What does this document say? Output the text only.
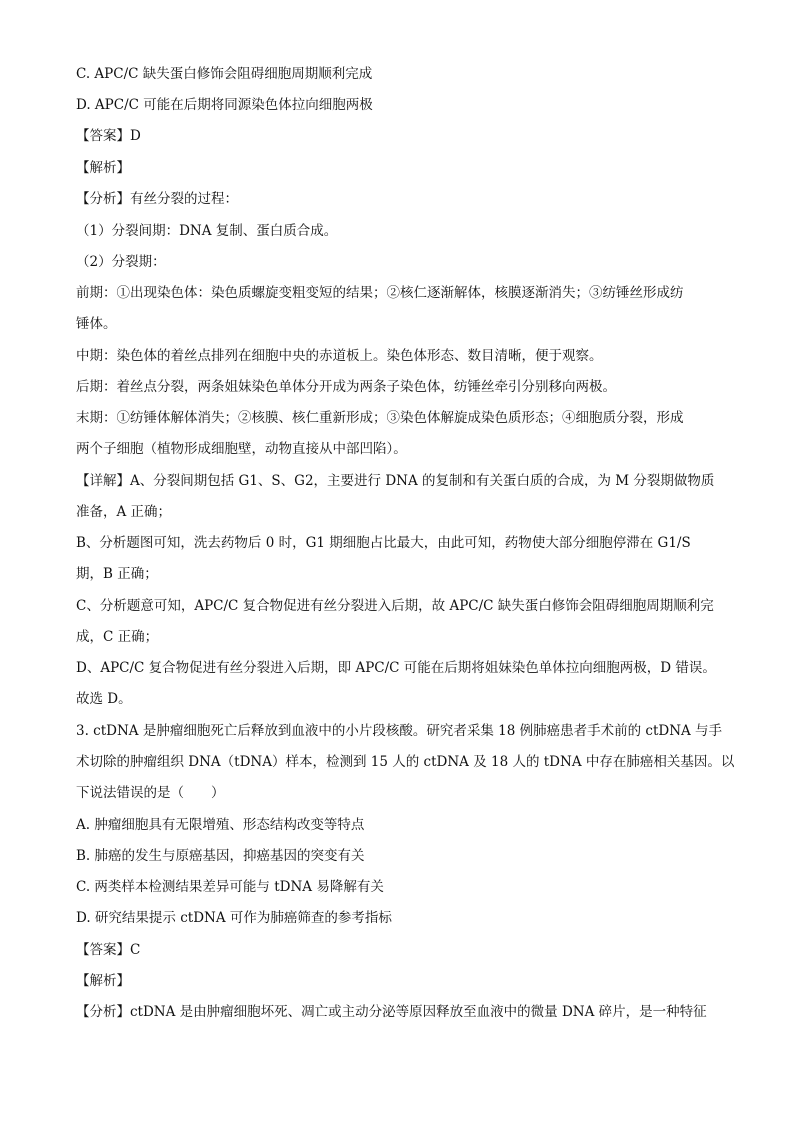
C. APC/C 缺失蛋白修饰会阻碍细胞周期顺利完成
D. APC/C 可能在后期将同源染色体拉向细胞两极
【答案】D
【解析】
【分析】有丝分裂的过程：
（1）分裂间期：DNA 复制、蛋白质合成。
（2）分裂期：
前期：①出现染色体：染色质螺旋变粗变短的结果；②核仁逐渐解体，核膜逐渐消失；③纺锤丝形成纺
锤体。
中期：染色体的着丝点排列在细胞中央的赤道板上。染色体形态、数目清晰，便于观察。
后期：着丝点分裂，两条姐妹染色单体分开成为两条子染色体，纺锤丝牵引分别移向两极。
末期：①纺锤体解体消失；②核膜、核仁重新形成；③染色体解旋成染色质形态；④细胞质分裂，形成
两个子细胞（植物形成细胞壁，动物直接从中部凹陷）。
【详解】A、分裂间期包括 G1、S、G2，主要进行 DNA 的复制和有关蛋白质的合成，为 M 分裂期做物质
准备，A 正确；
B、分析题图可知，洗去药物后 0 时，G1 期细胞占比最大，由此可知，药物使大部分细胞停滞在 G1/S
期，B 正确；
C、分析题意可知，APC/C 复合物促进有丝分裂进入后期，故 APC/C 缺失蛋白修饰会阻碍细胞周期顺利完
成，C 正确；
D、APC/C 复合物促进有丝分裂进入后期，即 APC/C 可能在后期将姐妹染色单体拉向细胞两极，D 错误。
故选 D。
3. ctDNA 是肿瘤细胞死亡后释放到血液中的小片段核酸。研究者采集 18 例肺癌患者手术前的 ctDNA 与手
术切除的肿瘤组织 DNA（tDNA）样本，检测到 15 人的 ctDNA 及 18 人的 tDNA 中存在肺癌相关基因。以
下说法错误的是（　　）
A. 肿瘤细胞具有无限增殖、形态结构改变等特点
B. 肺癌的发生与原癌基因，抑癌基因的突变有关
C. 两类样本检测结果差异可能与 tDNA 易降解有关
D. 研究结果提示 ctDNA 可作为肺癌筛查的参考指标
【答案】C
【解析】
【分析】ctDNA 是由肿瘤细胞坏死、凋亡或主动分泌等原因释放至血液中的微量 DNA 碎片，是一种特征
